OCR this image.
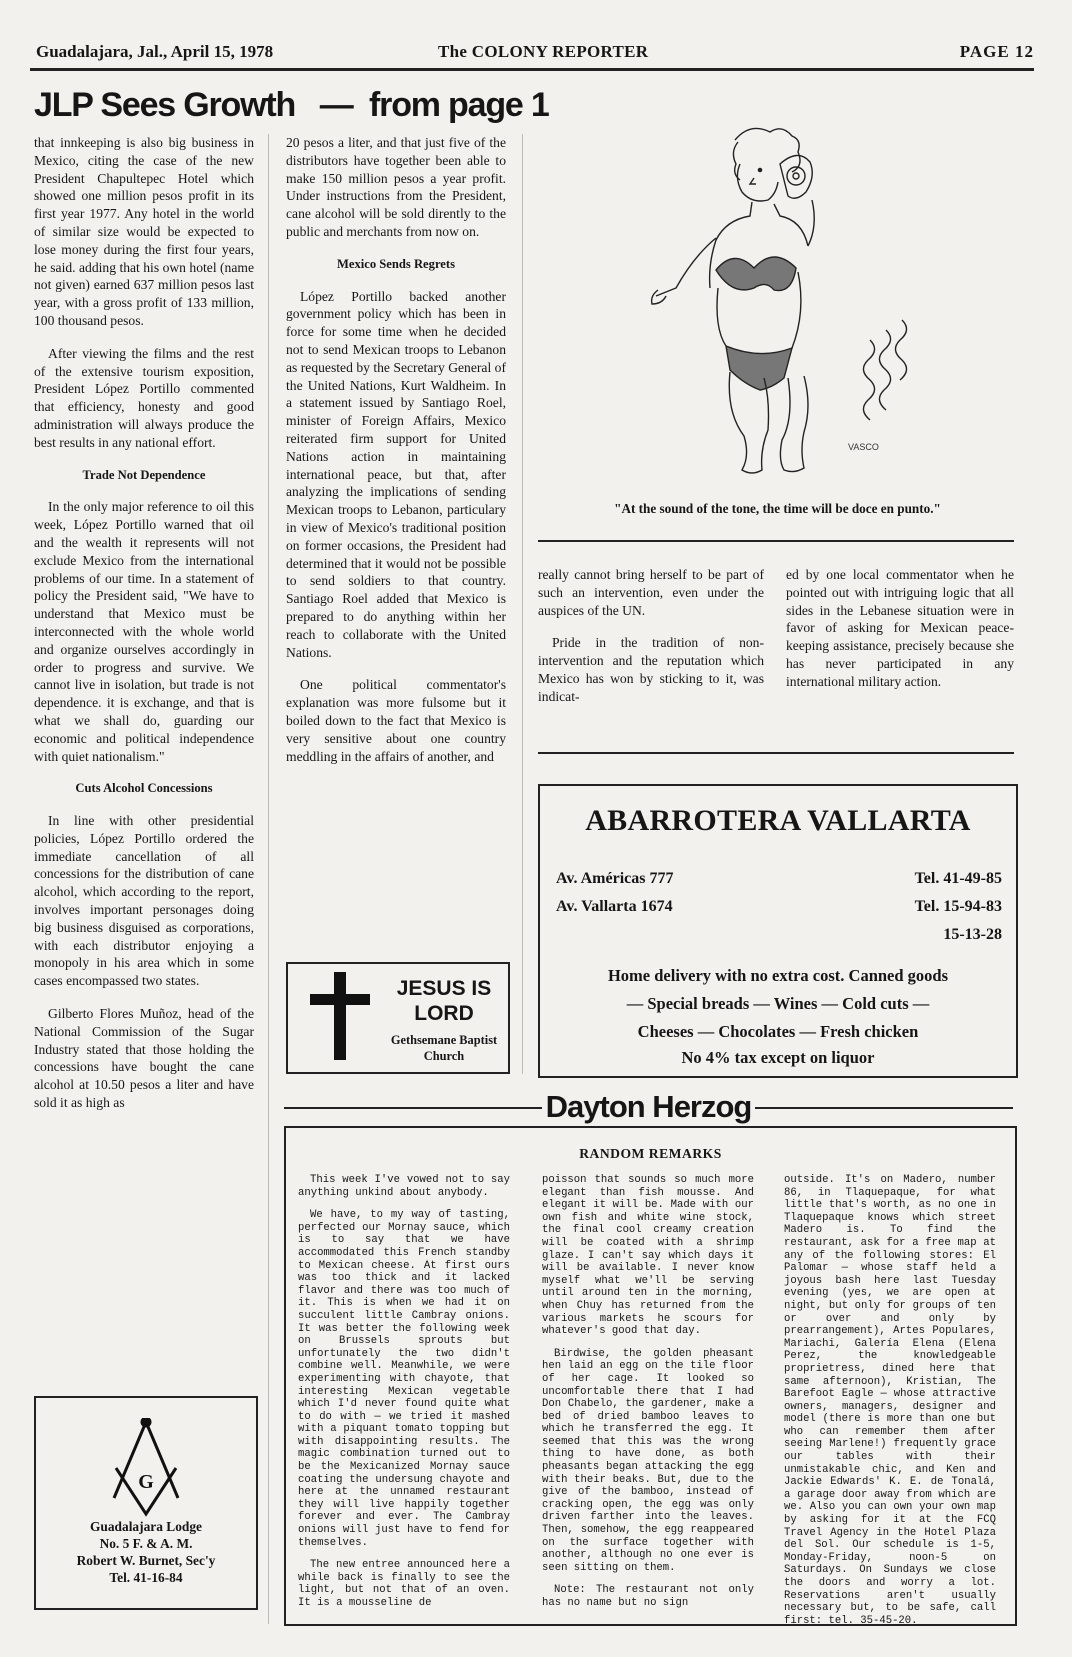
Guadalajara, Jal., April 15, 1978	The COLONY REPORTER	PAGE 12
JLP Sees Growth   —  from page 1

that innkeeping is also big business in Mexico, citing the case of the new President Chapultepec Hotel which showed one million pesos profit in its first year 1977. Any hotel in the world of similar size would be expected to lose money during the first four years, he said. adding that his own hotel (name not given) earned 637 million pesos last year, with a gross profit of 133 million, 100 thousand pesos.

After viewing the films and the rest of the extensive tourism exposition, President López Portillo commented that efficiency, honesty and good administration will always produce the best results in any national effort.

Trade Not Dependence

In the only major reference to oil this week, López Portillo warned that oil and the wealth it represents will not exclude Mexico from the international problems of our time. In a statement of policy the President said, "We have to understand that Mexico must be interconnected with the whole world and organize ourselves accordingly in order to progress and survive. We cannot live in isolation, but trade is not dependence. it is exchange, and that is what we shall do, guarding our economic and political independence with quiet nationalism."

Cuts Alcohol Concessions

In line with other presidential policies, López Portillo ordered the immediate cancellation of all concessions for the distribution of cane alcohol, which according to the report, involves important personages doing big business disguised as corporations, with each distributor enjoying a monopoly in his area which in some cases encompassed two states.

Gilberto Flores Muñoz, head of the National Commission of the Sugar Industry stated that those holding the concessions have bought the cane alcohol at 10.50 pesos a liter and have sold it as high as

20 pesos a liter, and that just five of the distributors have together been able to make 150 million pesos a year profit. Under instructions from the President, cane alcohol will be sold dirently to the public and merchants from now on.

Mexico Sends Regrets

López Portillo backed another government policy which has been in force for some time when he decided not to send Mexican troops to Lebanon as requested by the Secretary General of the United Nations, Kurt Waldheim. In a statement issued by Santiago Roel, minister of Foreign Affairs, Mexico reiterated firm support for United Nations action in maintaining international peace, but that, after analyzing the implications of sending Mexican troops to Lebanon, particulary in view of Mexico's traditional position on former occasions, the President had determined that it would not be possible to send soldiers to that country. Santiago Roel added that Mexico is prepared to do anything within her reach to collaborate with the United Nations.

One political commentator's explanation was more fulsome but it boiled down to the fact that Mexico is very sensitive about one country meddling in the affairs of another, and

VASCO
"At the sound of the tone, the time will be doce en punto."

really cannot bring herself to be part of such an intervention, even under the auspices of the UN.

Pride in the tradition of non-intervention and the reputation which Mexico has won by sticking to it, was indicat-

ed by one local commentator when he pointed out with intriguing logic that all sides in the Lebanese situation were in favor of asking for Mexican peace-keeping assistance, precisely because she has never participated in any international military action.

JESUS IS LORD
Gethsemane Baptist Church
ABARROTERA VALLARTA
Av. Américas 777
Av. Vallarta 1674
Tel. 41-49-85
Tel. 15-94-83
15-13-28
Home delivery with no extra cost. Canned goods
— Special breads — Wines — Cold cuts —
Cheeses — Chocolates — Fresh chicken
No 4% tax except on liquor
G
Guadalajara Lodge
No. 5 F. & A. M.
Robert W. Burnet, Sec'y
Tel. 41-16-84
Dayton Herzog
RANDOM REMARKS

This week I've vowed not to say anything unkind about anybody.

We have, to my way of tasting, perfected our Mornay sauce, which is to say that we have accommodated this French standby to Mexican cheese. At first ours was too thick and it lacked flavor and there was too much of it. This is when we had it on succulent little Cambray onions. It was better the following week on Brussels sprouts but unfortunately the two didn't combine well. Meanwhile, we were experimenting with chayote, that interesting Mexican vegetable which I'd never found quite what to do with — we tried it mashed with a piquant tomato topping but with disappointing results. The magic combination turned out to be the Mexicanized Mornay sauce coating the undersung chayote and here at the unnamed restaurant they will live happily together forever and ever. The Cambray onions will just have to fend for themselves.

The new entree announced here a while back is finally to see the light, but not that of an oven. It is a mousseline de

poisson that sounds so much more elegant than fish mousse. And elegant it will be. Made with our own fish and white wine stock, the final cool creamy creation will be coated with a shrimp glaze. I can't say which days it will be available. I never know myself what we'll be serving until around ten in the morning, when Chuy has returned from the various markets he scours for whatever's good that day.

Birdwise, the golden pheasant hen laid an egg on the tile floor of her cage. It looked so uncomfortable there that I had Don Chabelo, the gardener, make a bed of dried bamboo leaves to which he transferred the egg. It seemed that this was the wrong thing to have done, as both pheasants began attacking the egg with their beaks. But, due to the give of the bamboo, instead of cracking open, the egg was only driven farther into the leaves. Then, somehow, the egg reappeared on the surface together with another, although no one ever is seen sitting on them.

Note: The restaurant not only has no name but no sign

outside. It's on Madero, number 86, in Tlaquepaque, for what little that's worth, as no one in Tlaquepaque knows which street Madero is. To find the restaurant, ask for a free map at any of the following stores: El Palomar — whose staff held a joyous bash here last Tuesday evening (yes, we are open at night, but only for groups of ten or over and only by prearrangement), Artes Populares, Mariachi, Galería Elena (Elena Perez, the knowledgeable proprietress, dined here that same afternoon), Kristian, The Barefoot Eagle — whose attractive owners, managers, designer and model (there is more than one but who can remember them after seeing Marlene!) frequently grace our tables with their unmistakable chic, and Ken and Jackie Edwards' K. E. de Tonalá, a garage door away from which are we. Also you can own your own map by asking for it at the FCQ Travel Agency in the Hotel Plaza del Sol. Our schedule is 1-5, Monday-Friday, noon-5 on Saturdays. On Sundays we close the doors and worry a lot. Reservations aren't usually necessary but, to be safe, call first: tel. 35-45-20.
